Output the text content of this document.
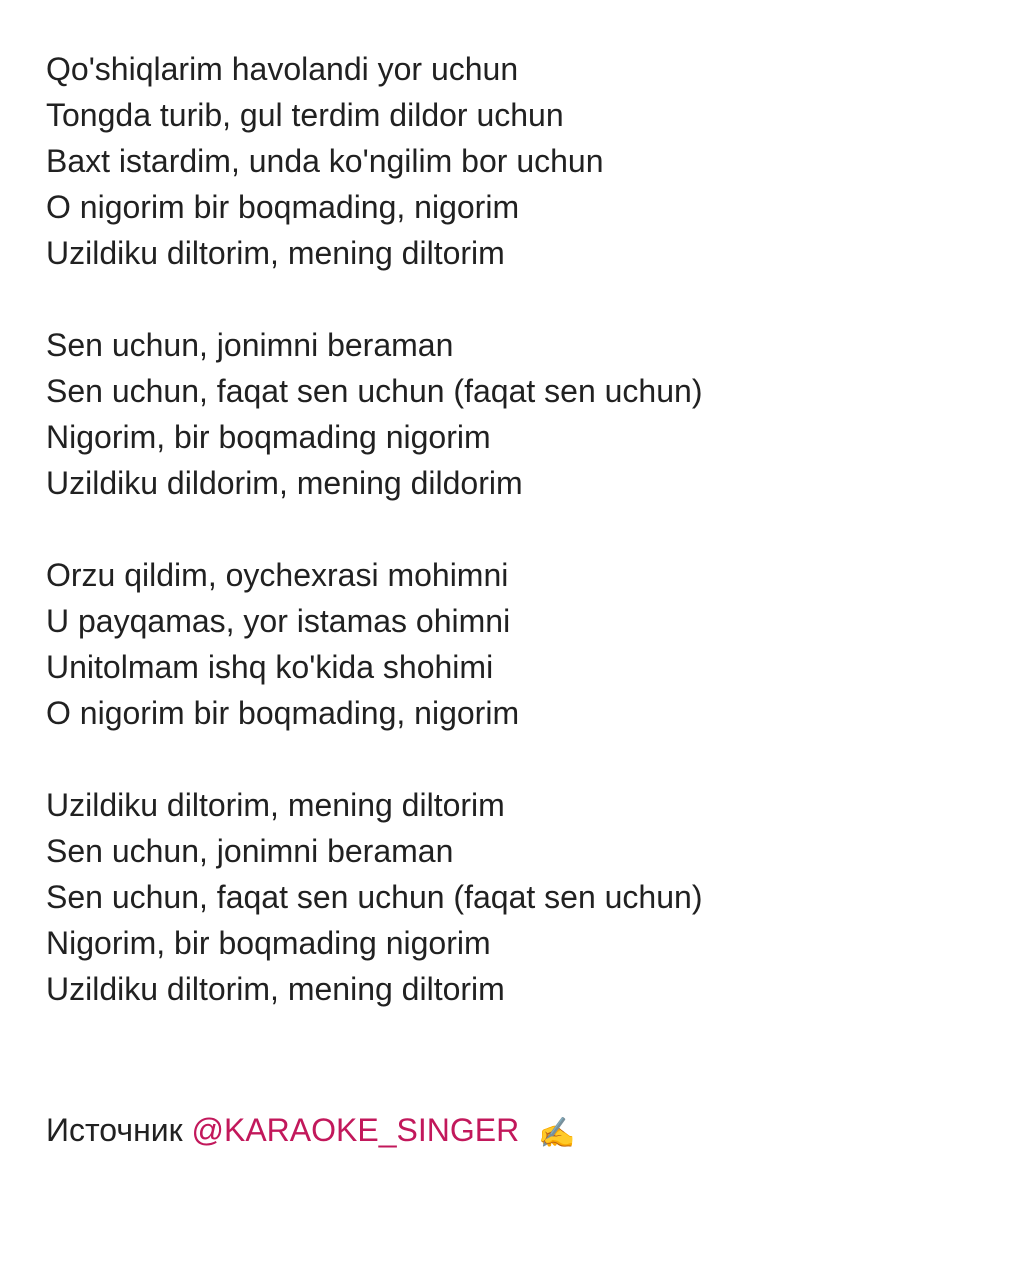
Qo'shiqlarim havolandi yor uchun
Tongda turib, gul terdim dildor uchun
Baxt istardim, unda ko'ngilim bor uchun
O nigorim bir boqmading, nigorim
Uzildiku diltorim, mening diltorim
Sen uchun, jonimni beraman
Sen uchun, faqat sen uchun (faqat sen uchun)
Nigorim, bir boqmading nigorim
Uzildiku dildorim, mening dildorim
Orzu qildim, oychexrasi mohimni
U payqamas, yor istamas ohimni
Unitolmam ishq ko'kida shohimi
O nigorim bir boqmading, nigorim
Uzildiku diltorim, mening diltorim
Sen uchun, jonimni beraman
Sen uchun, faqat sen uchun (faqat sen uchun)
Nigorim, bir boqmading nigorim
Uzildiku diltorim, mening diltorim
Источник @KARAOKE_SINGER ✍️
